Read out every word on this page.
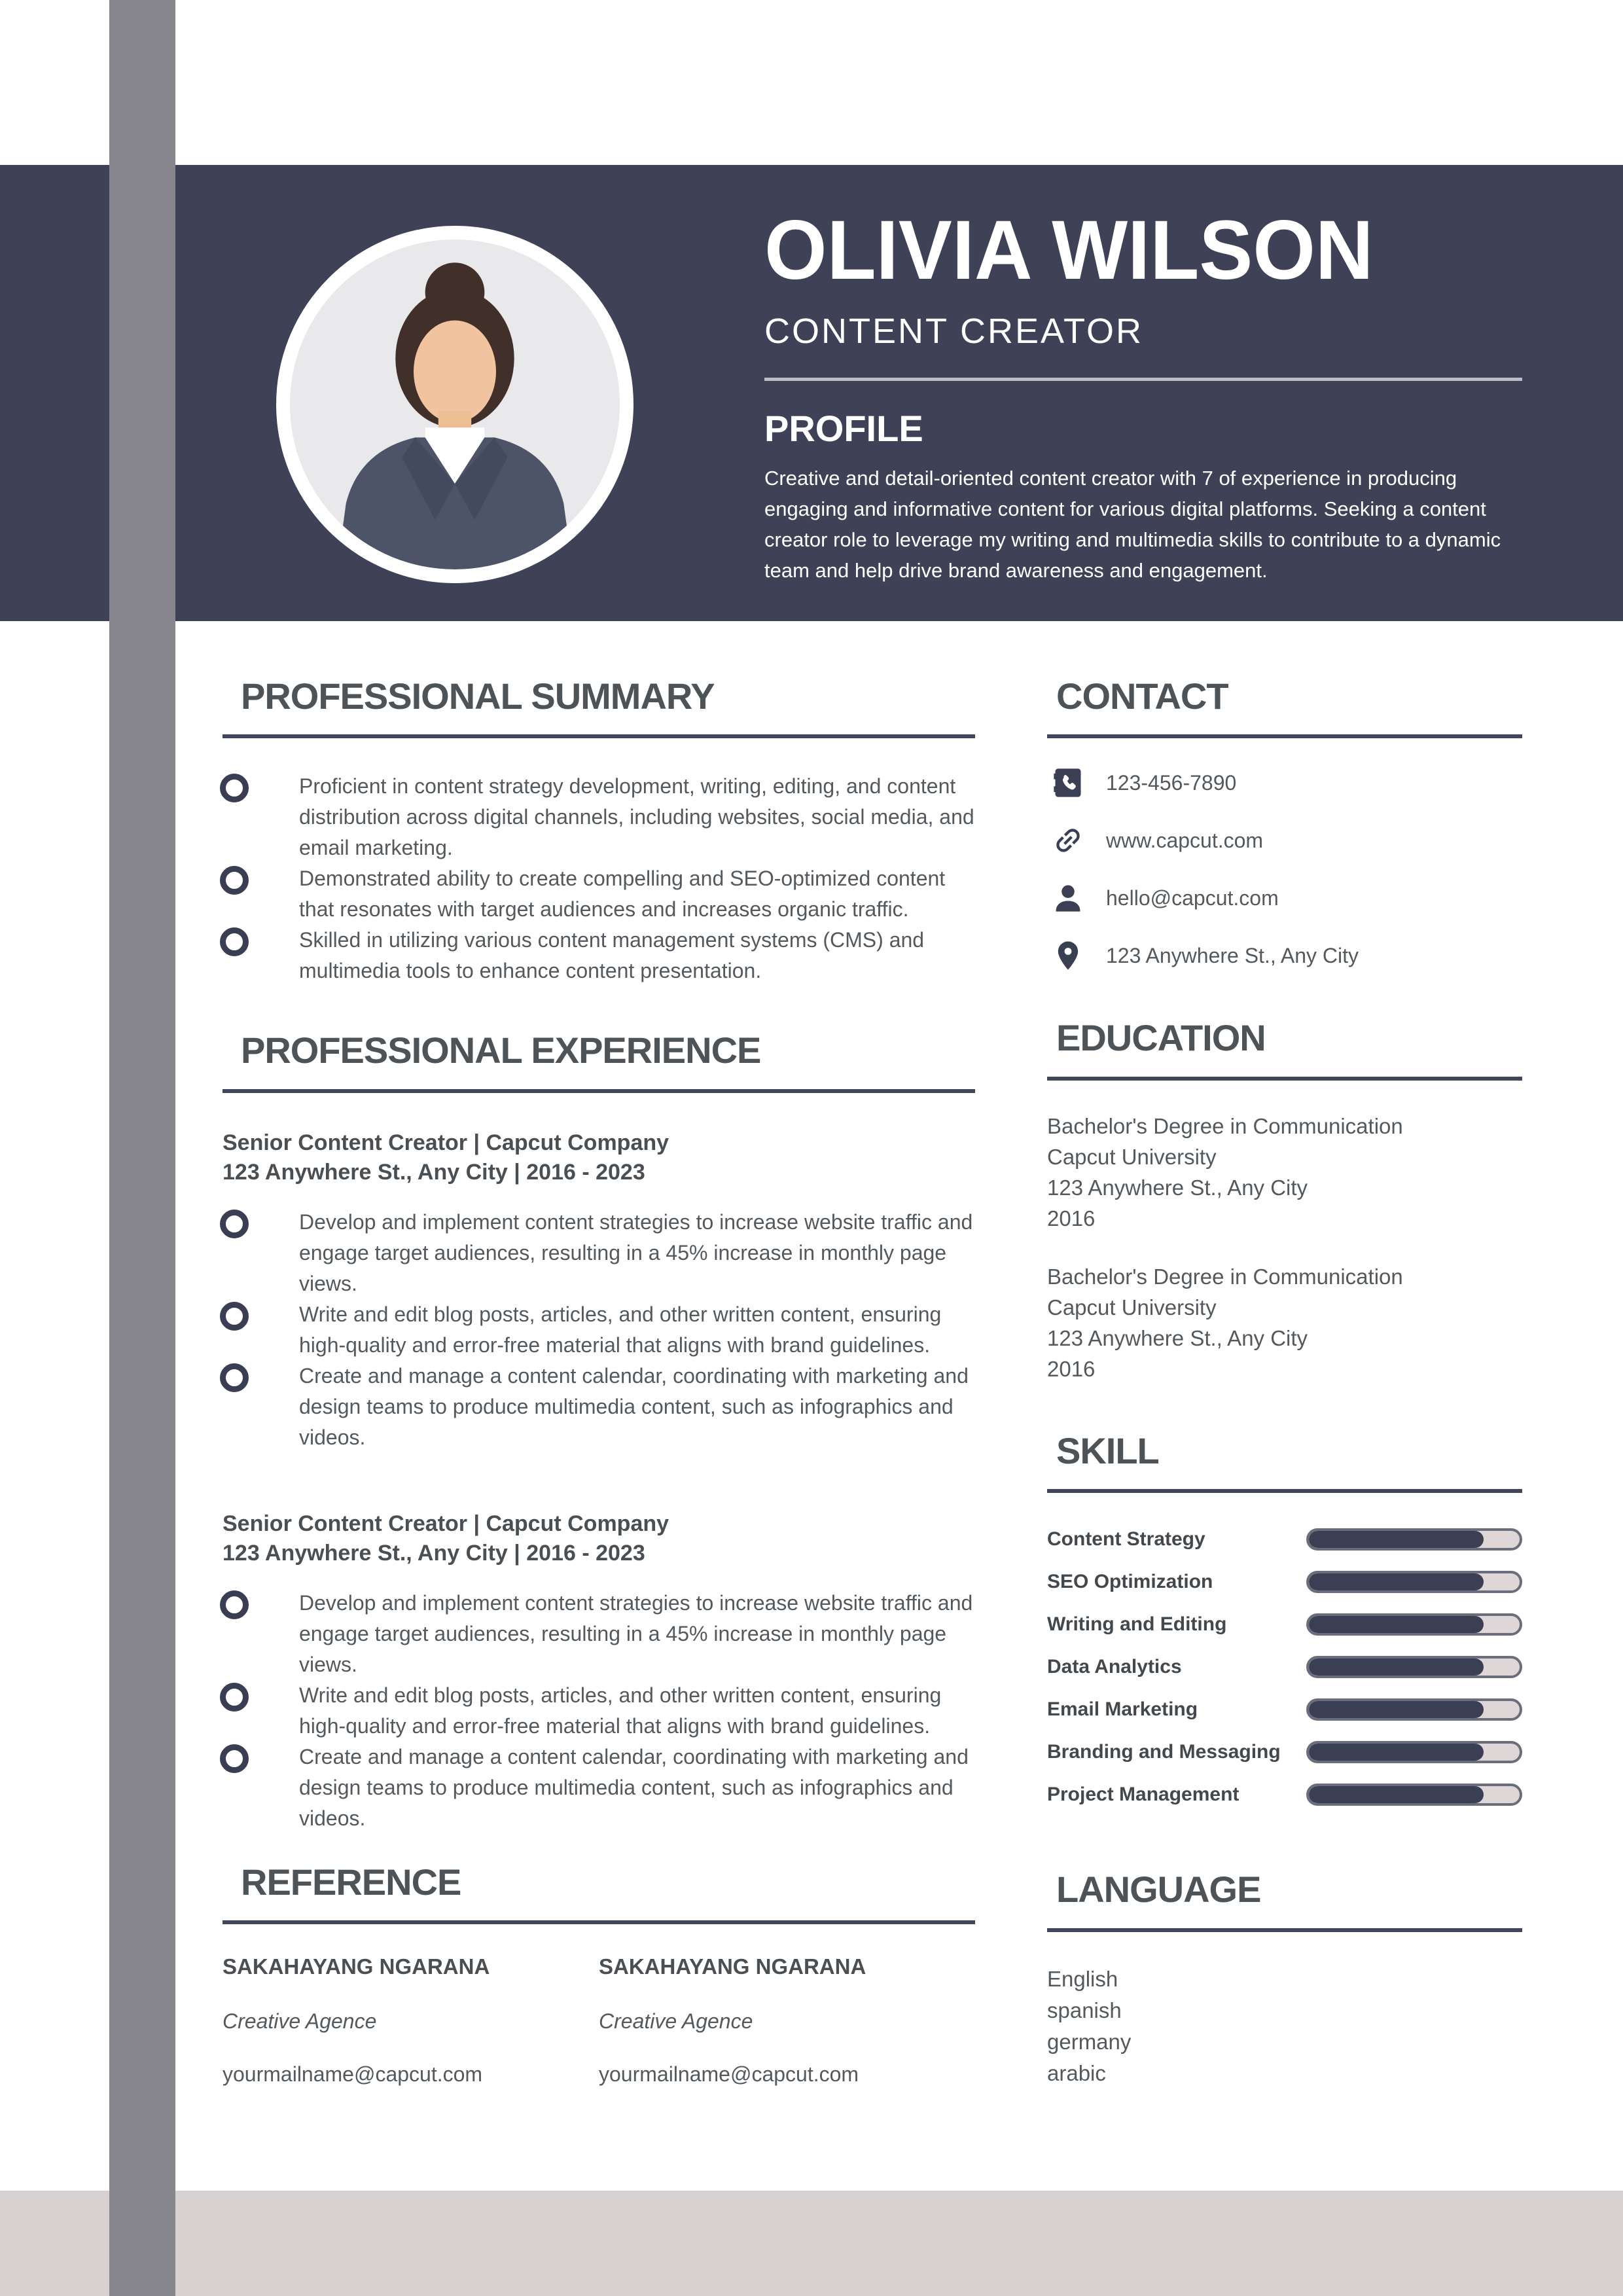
OLIVIA WILSON
CONTENT CREATOR
PROFILE
Creative and detail-oriented content creator with 7 of experience in producing engaging and informative content for various digital platforms. Seeking a content creator role to leverage my writing and multimedia skills to contribute to a dynamic team and help drive brand awareness and engagement.
PROFESSIONAL SUMMARY
Proficient in content strategy development, writing, editing, and content distribution across digital channels, including websites, social media, and email marketing.
Demonstrated ability to create compelling and SEO-optimized content that resonates with target audiences and increases organic traffic.
Skilled in utilizing various content management systems (CMS) and multimedia tools to enhance content presentation.
PROFESSIONAL EXPERIENCE
Senior Content Creator | Capcut Company
123 Anywhere St., Any City | 2016 - 2023
Develop and implement content strategies to increase website traffic and engage target audiences, resulting in a 45% increase in monthly page views.
Write and edit blog posts, articles, and other written content, ensuring high-quality and error-free material that aligns with brand guidelines.
Create and manage a content calendar, coordinating with marketing and design teams to produce multimedia content, such as infographics and videos.
Senior Content Creator | Capcut Company
123 Anywhere St., Any City | 2016 - 2023
Develop and implement content strategies to increase website traffic and engage target audiences, resulting in a 45% increase in monthly page views.
Write and edit blog posts, articles, and other written content, ensuring high-quality and error-free material that aligns with brand guidelines.
Create and manage a content calendar, coordinating with marketing and design teams to produce multimedia content, such as infographics and videos.
REFERENCE
SAKAHAYANG NGARANA
Creative Agence
yourmailname@capcut.com
SAKAHAYANG NGARANA
Creative Agence
yourmailname@capcut.com
CONTACT
123-456-7890
www.capcut.com
hello@capcut.com
123 Anywhere St., Any City
EDUCATION
Bachelor's Degree in Communication
Capcut University
123 Anywhere St., Any City
2016
Bachelor's Degree in Communication
Capcut University
123 Anywhere St., Any City
2016
SKILL
Content Strategy
SEO Optimization
Writing and Editing
Data Analytics
Email Marketing
Branding and Messaging
Project Management
LANGUAGE
English
spanish
germany
arabic
